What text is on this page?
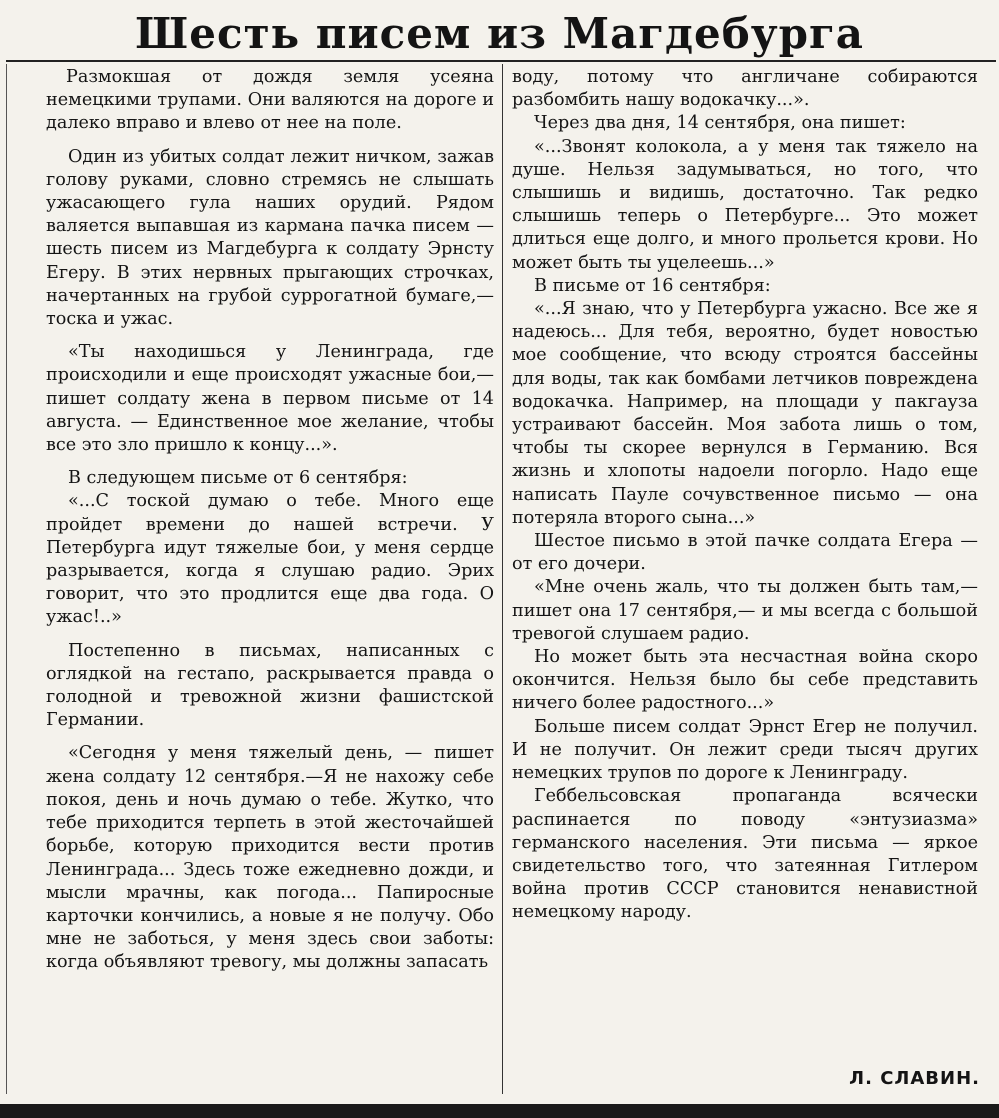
Шесть писем из Магдебурга

Размокшая от дождя земля усеяна немецкими трупами. Они валяются на дороге и далеко вправо и влево от нее на поле.

Один из убитых солдат лежит ничком, зажав голову руками, словно стремясь не слышать ужасающего гула наших орудий. Рядом валяется выпавшая из кармана пачка писем — шесть писем из Магдебурга к солдату Эрнсту Егеру. В этих нервных прыгающих строчках, начертанных на грубой суррогатной бумаге,— тоска и ужас.

«Ты находишься у Ленинграда, где происходили и еще происходят ужасные бои,— пишет солдату жена в первом письме от 14 августа. — Единственное мое желание, чтобы все это зло пришло к концу...».

В следующем письме от 6 сентября:

«...С тоской думаю о тебе. Много еще пройдет времени до нашей встречи. У Петербурга идут тяжелые бои, у меня сердце разрывается, когда я слушаю радио. Эрих говорит, что это продлится еще два года. О ужас!..»

Постепенно в письмах, написанных с оглядкой на гестапо, раскрывается правда о голодной и тревожной жизни фашистской Германии.

«Сегодня у меня тяжелый день, — пишет жена солдату 12 сентября.—Я не нахожу себе покоя, день и ночь думаю о тебе. Жутко, что тебе приходится терпеть в этой жесточайшей борьбе, которую приходится вести против Ленинграда... Здесь тоже ежедневно дожди, и мысли мрачны, как погода... Папиросные карточки кончились, а новые я не получу. Обо мне не заботься, у меня здесь свои заботы: когда объявляют тревогу, мы должны запасать

воду, потому что англичане собираются разбомбить нашу водокачку...».

Через два дня, 14 сентября, она пишет:

«...Звонят колокола, а у меня так тяжело на душе. Нельзя задумываться, но того, что слышишь и видишь, достаточно. Так редко слышишь теперь о Петербурге... Это может длиться еще долго, и много прольется крови. Но может быть ты уцелеешь...»

В письме от 16 сентября:

«...Я знаю, что у Петербурга ужасно. Все же я надеюсь... Для тебя, вероятно, будет новостью мое сообщение, что всюду строятся бассейны для воды, так как бомбами летчиков повреждена водокачка. Например, на площади у пакгауза устраивают бассейн. Моя забота лишь о том, чтобы ты скорее вернулся в Германию. Вся жизнь и хлопоты надоели погорло. Надо еще написать Пауле сочувственное письмо — она потеряла второго сына...»

Шестое письмо в этой пачке солдата Егера — от его дочери.

«Мне очень жаль, что ты должен быть там,— пишет она 17 сентября,— и мы всегда с большой тревогой слушаем радио.

Но может быть эта несчастная война скоро окончится. Нельзя было бы себе представить ничего более радостного...»

Больше писем солдат Эрнст Егер не получил. И не получит. Он лежит среди тысяч других немецких трупов по дороге к Ленинграду.

Геббельсовская пропаганда всячески распинается по поводу «энтузиазма» германского населения. Эти письма — яркое свидетельство того, что затеянная Гитлером война против СССР становится ненавистной немецкому народу.

Л. СЛАВИН.
